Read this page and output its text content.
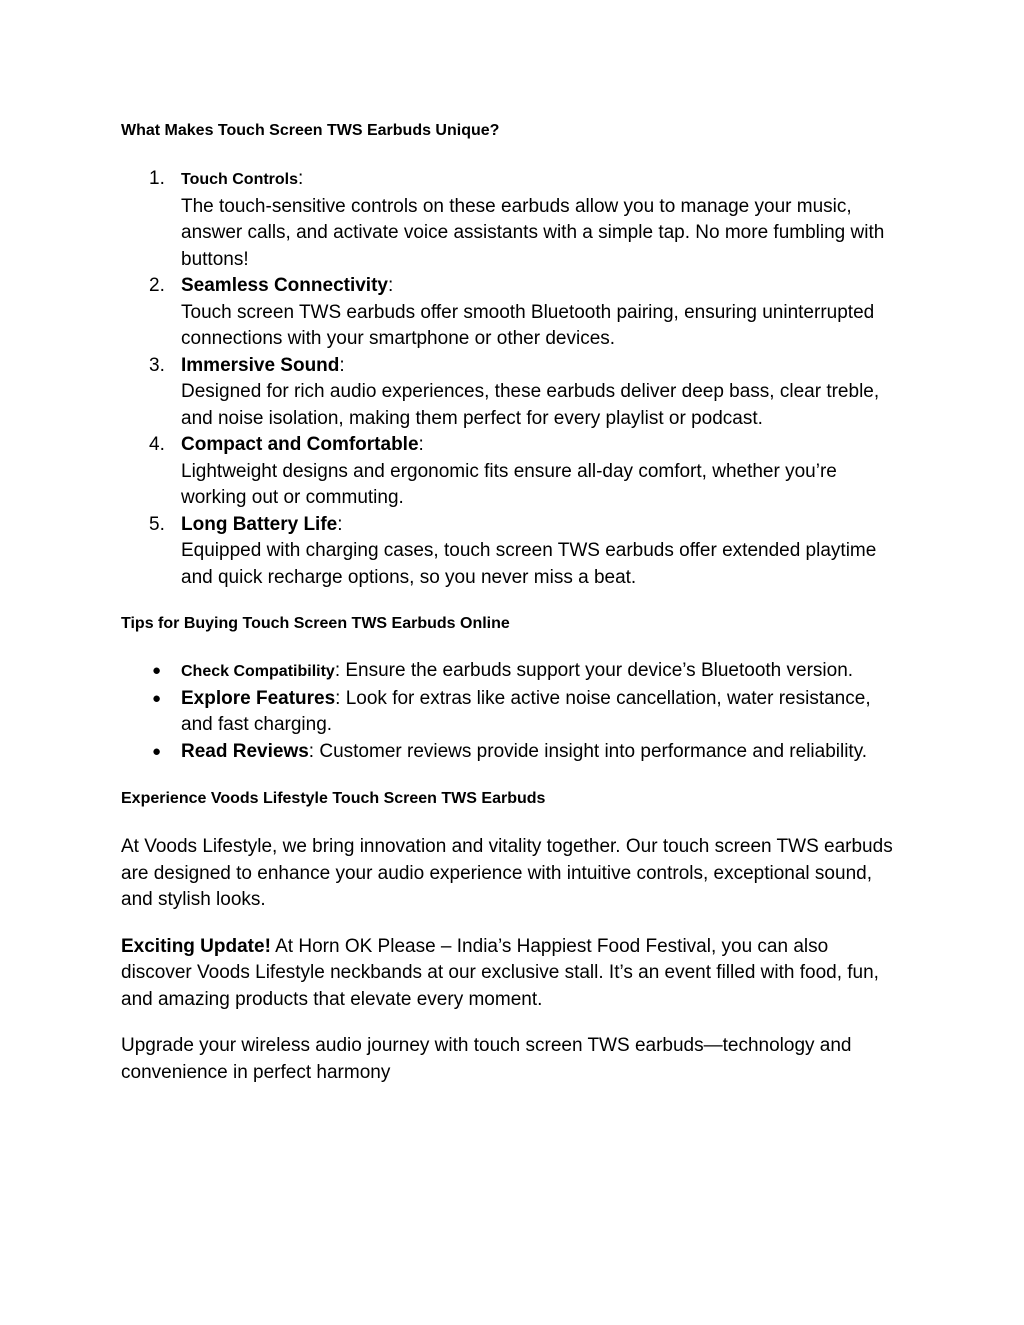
What Makes Touch Screen TWS Earbuds Unique?
1.	Touch Controls:
The touch-sensitive controls on these earbuds allow you to manage your music, answer calls, and activate voice assistants with a simple tap. No more fumbling with buttons!
2. Seamless Connectivity:
Touch screen TWS earbuds offer smooth Bluetooth pairing, ensuring uninterrupted connections with your smartphone or other devices.
3. Immersive Sound:
Designed for rich audio experiences, these earbuds deliver deep bass, clear treble, and noise isolation, making them perfect for every playlist or podcast.
4. Compact and Comfortable:
Lightweight designs and ergonomic fits ensure all-day comfort, whether you’re working out or commuting.
5. Long Battery Life:
Equipped with charging cases, touch screen TWS earbuds offer extended playtime and quick recharge options, so you never miss a beat.
Tips for Buying Touch Screen TWS Earbuds Online
●	Check Compatibility: Ensure the earbuds support your device’s Bluetooth version.
●	Explore Features: Look for extras like active noise cancellation, water resistance, and fast charging.
●	Read Reviews: Customer reviews provide insight into performance and reliability.
Experience Voods Lifestyle Touch Screen TWS Earbuds

At Voods Lifestyle, we bring innovation and vitality together. Our touch screen TWS earbuds are designed to enhance your audio experience with intuitive controls, exceptional sound, and stylish looks.

Exciting Update! At Horn OK Please – India’s Happiest Food Festival, you can also discover Voods Lifestyle neckbands at our exclusive stall. It’s an event filled with food, fun, and amazing products that elevate every moment.

Upgrade your wireless audio journey with touch screen TWS earbuds—technology and convenience in perfect harmony
